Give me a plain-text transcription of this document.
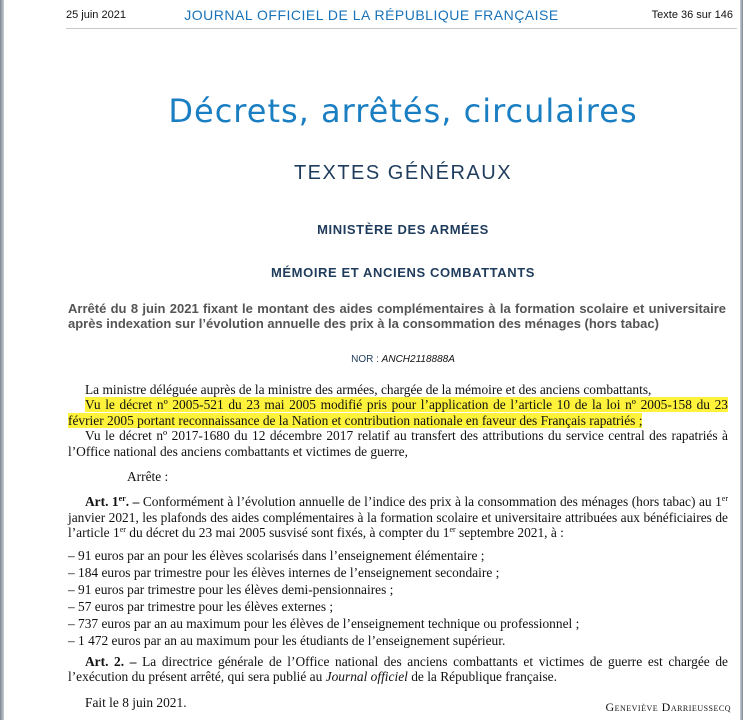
25 juin 2021	JOURNAL OFFICIEL DE LA RÉPUBLIQUE FRANÇAISE	Texte 36 sur 146
Décrets, arrêtés, circulaires
TEXTES GÉNÉRAUX
MINISTÈRE DES ARMÉES
MÉMOIRE ET ANCIENS COMBATTANTS
Arrêté du 8 juin 2021 fixant le montant des aides complémentaires à la formation scolaire et universitaire après indexation sur l’évolution annuelle des prix à la consommation des ménages (hors tabac)
NOR : ANCH2118888A

La ministre déléguée auprès de la ministre des armées, chargée de la mémoire et des anciens combattants,

Vu le décret nº 2005-521 du 23 mai 2005 modifié pris pour l’application de l’article 10 de la loi nº 2005-158 du 23 février 2005 portant reconnaissance de la Nation et contribution nationale en faveur des Français rapatriés ;

Vu le décret nº 2017-1680 du 12 décembre 2017 relatif au transfert des attributions du service central des rapatriés à l’Office national des anciens combattants et victimes de guerre,

Arrête :

Art. 1er. – Conformément à l’évolution annuelle de l’indice des prix à la consommation des ménages (hors tabac) au 1er janvier 2021, les plafonds des aides complémentaires à la formation scolaire et universitaire attribuées aux bénéficiaires de l’article 1er du décret du 23 mai 2005 susvisé sont fixés, à compter du 1er septembre 2021, à :

– 91 euros par an pour les élèves scolarisés dans l’enseignement élémentaire ;
– 184 euros par trimestre pour les élèves internes de l’enseignement secondaire ;
– 91 euros par trimestre pour les élèves demi-pensionnaires ;
– 57 euros par trimestre pour les élèves externes ;
– 737 euros par an au maximum pour les élèves de l’enseignement technique ou professionnel ;
– 1 472 euros par an au maximum pour les étudiants de l’enseignement supérieur.

Art. 2. – La directrice générale de l’Office national des anciens combattants et victimes de guerre est chargée de l’exécution du présent arrêté, qui sera publié au Journal officiel de la République française.

Fait le 8 juin 2021.	Geneviève Darrieussecq
